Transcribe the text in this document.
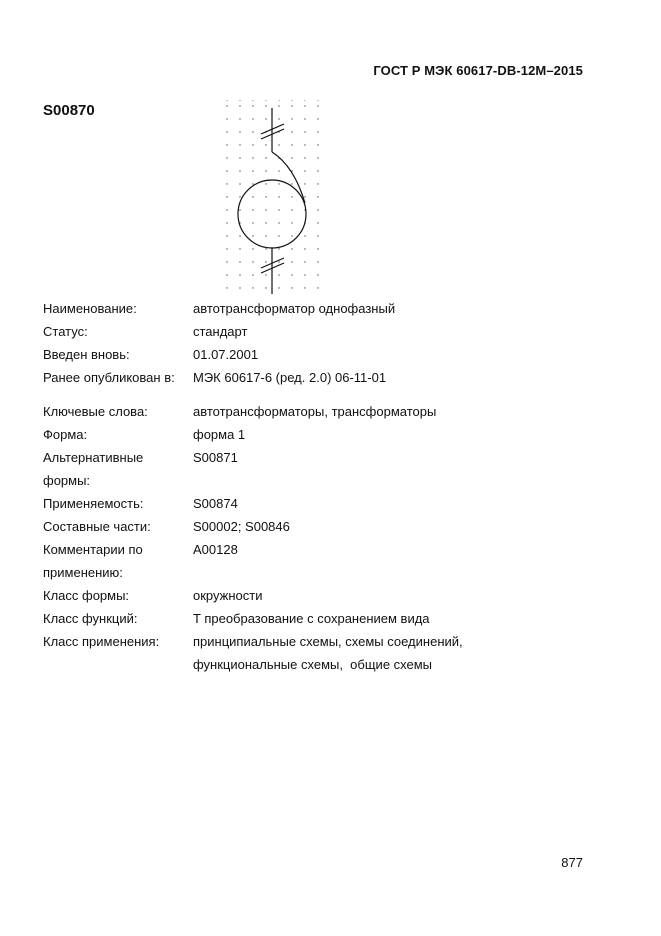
ГОСТ Р МЭК 60617-DB-12M–2015
S00870
Наименование:	автотрансформатор однофазный
Статус:	стандарт
Введен вновь:	01.07.2001
Ранее опубликован в:	МЭК 60617-6 (ред. 2.0) 06-11-01
Ключевые слова:	автотрансформаторы, трансформаторы
Форма:	форма 1
Альтернативные	S00871
формы:
Применяемость:	S00874
Составные части:	S00002; S00846
Комментарии по	A00128
применению:
Класс формы:	окружности
Класс функций:	T преобразование с сохранением вида
Класс применения:	принципиальные схемы, схемы соединений,
функциональные схемы,  общие схемы
877
